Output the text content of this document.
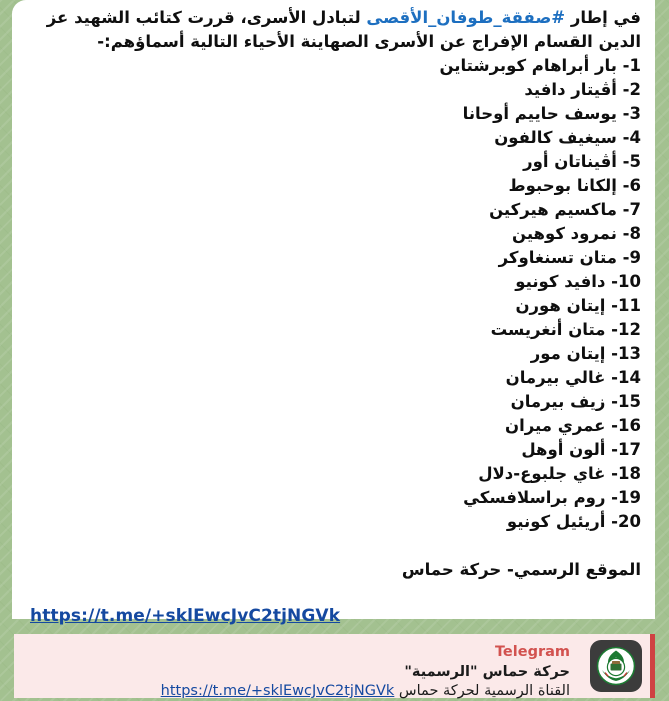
في إطار #صفقة_طوفان_الأقصى لتبادل الأسرى، قررت كتائب الشهيد عز الدين القسام الإفراج عن الأسرى الصهاينة الأحياء التالية أسماؤهم:-

1- بار أبراهام كوبرشتاين
2- أڤيتار دافيد
3- يوسف حاييم أوحانا
4- سيغيف كالفون
5- أڤيناتان أور
6- إلكانا بوحبوط
7- ماكسيم هيركين
8- نمرود كوهين
9- متان تسنغاوكر
10- دافيد كونيو
11- إيتان هورن
12- متان أنغريست
13- إيتان مور
14- غالي بيرمان
15- زيف بيرمان
16- عمري ميران
17- ألون أوهل
18- غاي جلبوع-دلال
19- روم براسلافسكي
20- أريئيل كونيو
الموقع الرسمي- حركة حماس
https://t.me/+sklEwcJvC2tjNGVk
Telegram
حركة حماس "الرسمية"
القناة الرسمية لحركة حماس https://t.me/+sklEwcJvC2tjNGVk
